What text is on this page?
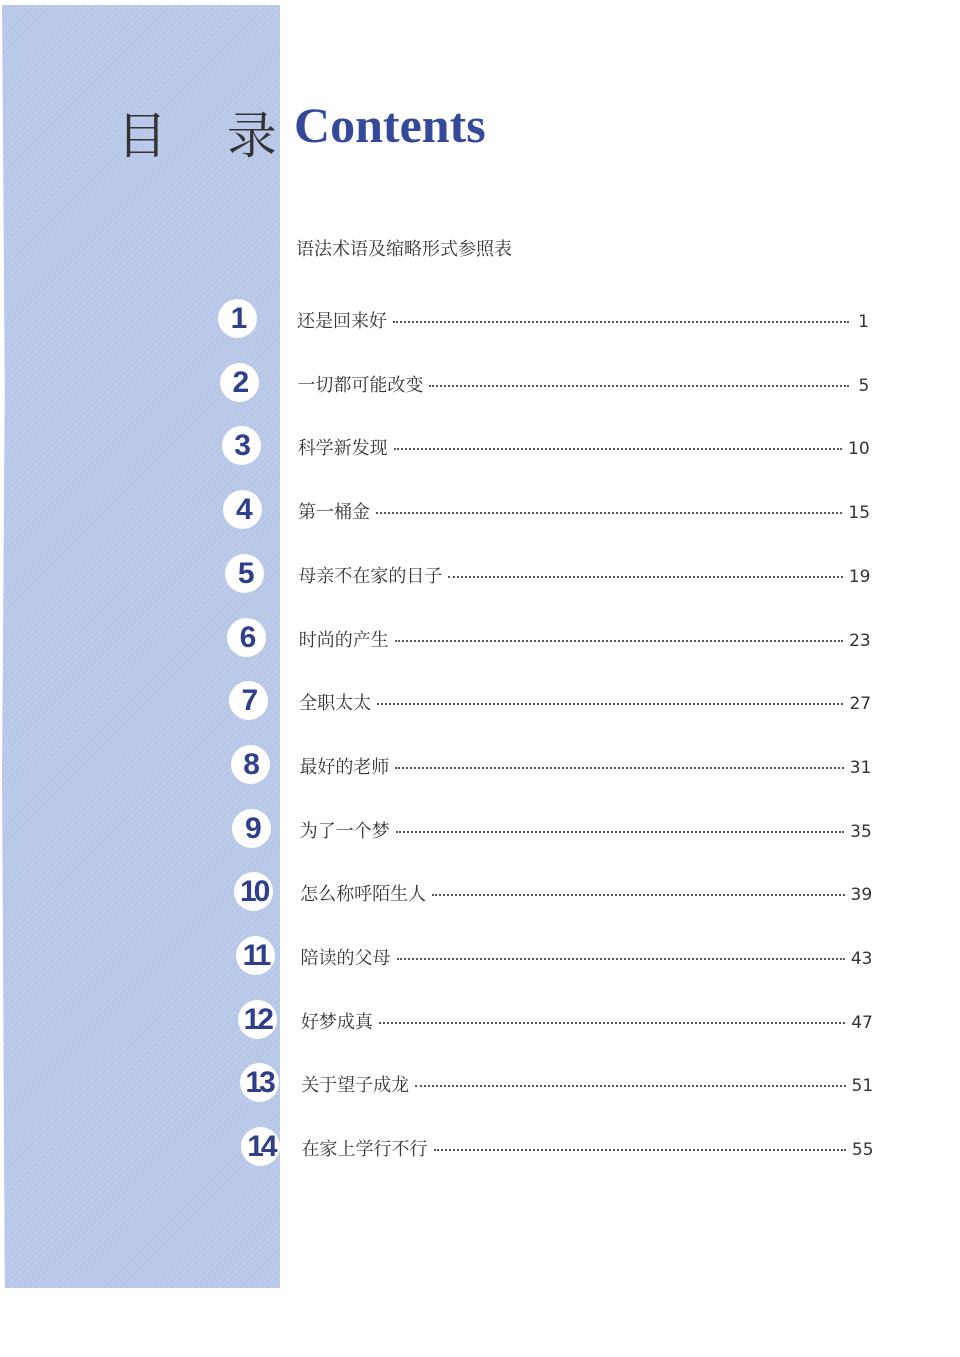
目 录
Contents
语法术语及缩略形式参照表
1	还是回来好	1
2	一切都可能改变	5
3	科学新发现	10
4	第一桶金	15
5	母亲不在家的日子	19
6	时尚的产生	23
7	全职太太	27
8	最好的老师	31
9	为了一个梦	35
10	怎么称呼陌生人	39
11	陪读的父母	43
12	好梦成真	47
13	关于望子成龙	51
14	在家上学行不行	55
